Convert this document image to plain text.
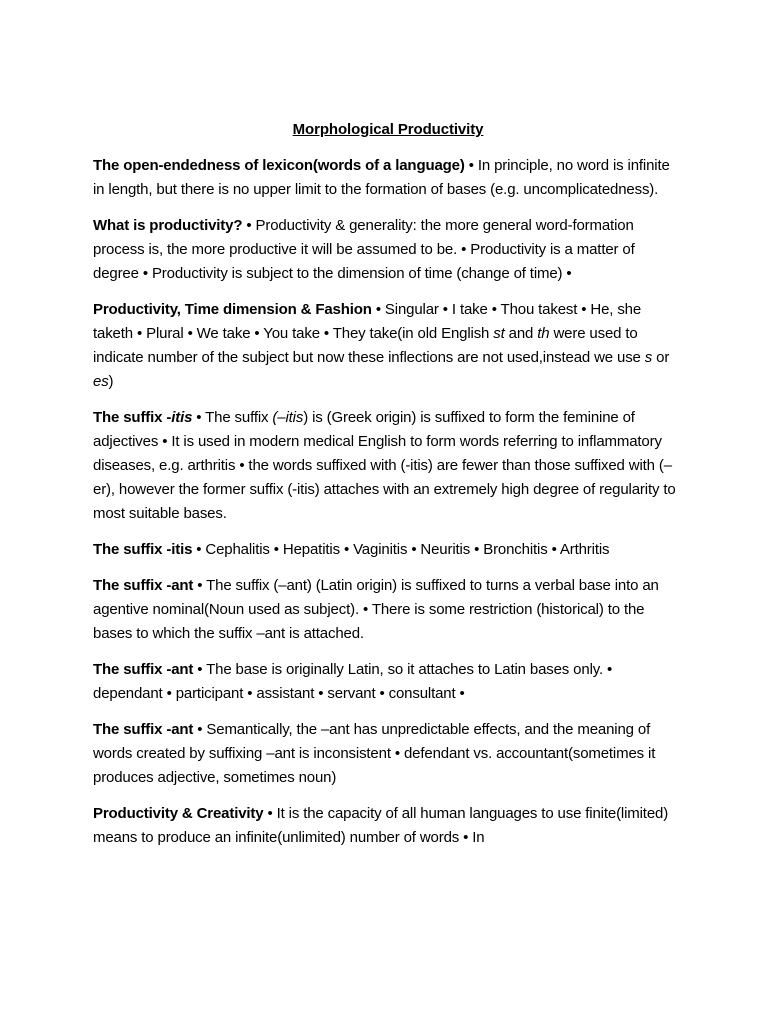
Morphological Productivity

The open-endedness of lexicon(words of a language) • In principle, no word is infinite in length, but there is no upper limit to the formation of bases (e.g. uncomplicatedness).

What is productivity? • Productivity & generality: the more general word-formation process is, the more productive it will be assumed to be. • Productivity is a matter of degree • Productivity is subject to the dimension of time (change of time) •

Productivity, Time dimension & Fashion • Singular • I take • Thou takest • He, she taketh • Plural • We take • You take • They take(in old English st and th were used to indicate number of the subject but now these inflections are not used,instead we use s or es)

The suffix -itis • The suffix (–itis) is (Greek origin) is suffixed to form the feminine of adjectives • It is used in modern medical English to form words referring to inflammatory diseases, e.g. arthritis • the words suffixed with (-itis) are fewer than those suffixed with (–er), however the former suffix (-itis) attaches with an extremely high degree of regularity to most suitable bases.

The suffix -itis • Cephalitis • Hepatitis • Vaginitis • Neuritis • Bronchitis • Arthritis

The suffix -ant • The suffix (–ant) (Latin origin) is suffixed to turns a verbal base into an agentive nominal(Noun used as subject). • There is some restriction (historical) to the bases to which the suffix –ant is attached.

The suffix -ant • The base is originally Latin, so it attaches to Latin bases only. • dependant • participant • assistant • servant • consultant •

The suffix -ant • Semantically, the –ant has unpredictable effects, and the meaning of words created by suffixing –ant is inconsistent • defendant vs. accountant(sometimes it produces adjective, sometimes noun)

Productivity & Creativity • It is the capacity of all human languages to use finite(limited) means to produce an infinite(unlimited) number of words • In
